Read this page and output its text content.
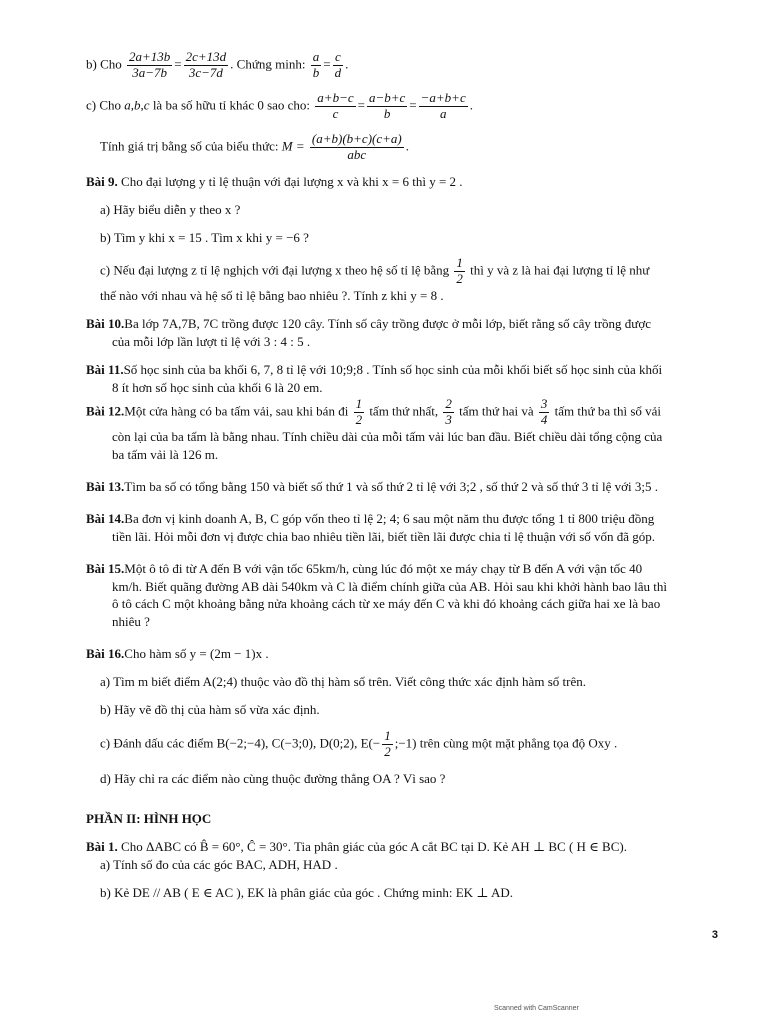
b) Cho $\frac{2a+13b}{3a-7b} = \frac{2c+13d}{3c-7d}$ . Chứng minh: $\frac{a}{b} = \frac{c}{d}$ .

c) Cho a,b,c là ba số hữu tỉ khác 0 sao cho: $\frac{a+b-c}{c} = \frac{a-b+c}{b} = \frac{-a+b+c}{a}$ .

Tính giá trị bằng số của biểu thức: $M = \frac{(a+b)(b+c)(c+a)}{\text{abc}}$ .

Bài 9. Cho đại lượng y tỉ lệ thuận với đại lượng x và khi x = 6 thì y = 2 .

a) Hãy biểu diễn y theo x ?

b) Tìm y khi x = 15 . Tìm x khi y = −6 ?

c) Nếu đại lượng z tỉ lệ nghịch với đại lượng x theo hệ số tỉ lệ bằng $\frac{1}{2}$ thì y và z là hai đại lượng tỉ lệ như

thế nào với nhau và hệ số tỉ lệ bằng bao nhiêu ?. Tính z khi y = 8 .

Bài 10.Ba lớp 7A,7B, 7C trồng được 120 cây. Tính số cây trồng được ở mỗi lớp, biết rằng số cây trồng được

của mỗi lớp lần lượt tỉ lệ với 3 : 4 : 5 .

Bài 11.Số học sinh của ba khối 6, 7, 8 tỉ lệ với 10;9;8 . Tính số học sinh của mỗi khối biết số học sinh của khối

8 ít hơn số học sinh của khối 6 là 20 em.

Bài 12.Một cửa hàng có ba tấm vải, sau khi bán đi $\frac{1}{2}$ tấm thứ nhất, $\frac{2}{3}$ tấm thứ hai và $\frac{3}{4}$ tấm thứ ba thì số vải

còn lại của ba tấm là bằng nhau. Tính chiều dài của mỗi tấm vải lúc ban đầu. Biết chiều dài tổng cộng của

ba tấm vải là 126 m.

Bài 13.Tìm ba số có tổng bằng 150 và biết số thứ 1 và số thứ 2 tỉ lệ với 3;2 , số thứ 2 và số thứ 3 tỉ lệ với 3;5 .

Bài 14.Ba đơn vị kinh doanh A, B, C góp vốn theo tỉ lệ 2; 4; 6 sau một năm thu được tổng 1 tỉ 800 triệu đồng

tiền lãi. Hỏi mỗi đơn vị được chia bao nhiêu tiền lãi, biết tiền lãi được chia tỉ lệ thuận với số vốn đã góp.

Bài 15.Một ô tô đi từ A đến B với vận tốc 65km/h, cùng lúc đó một xe máy chạy từ B đến A với vận tốc 40

km/h. Biết quãng đường AB dài 540km và C là điểm chính giữa của AB. Hỏi sau khi khởi hành bao lâu thì

ô tô cách C một khoảng bằng nửa khoảng cách từ xe máy đến C và khi đó khoảng cách giữa hai xe là bao

nhiêu ?

Bài 16.Cho hàm số y = (2m − 1)x .

a) Tìm m biết điểm A(2;4) thuộc vào đồ thị hàm số trên. Viết công thức xác định hàm số trên.

b) Hãy vẽ đồ thị của hàm số vừa xác định.

c) Đánh dấu các điểm B(−2;−4), C(−3;0), D(0;2), $E(- \frac{1}{2}$ ;−1) trên cùng một mặt phẳng tọa độ Oxy .

d) Hãy chỉ ra các điểm nào cùng thuộc đường thẳng OA ? Vì sao ?

PHẦN II: HÌNH HỌC

Bài 1. Cho ΔABC có B̂ = 60°, Ĉ = 30°. Tia phân giác của góc A cắt BC tại D. Kẻ AH ⊥ BC ( H ∈ BC).

a) Tính số đo của các góc BAC, ADH, HAD .

b) Kẻ DE // AB ( E ∈ AC ), EK là phân giác của góc . Chứng minh: EK ⊥ AD.

3
Scanned with CamScanner
